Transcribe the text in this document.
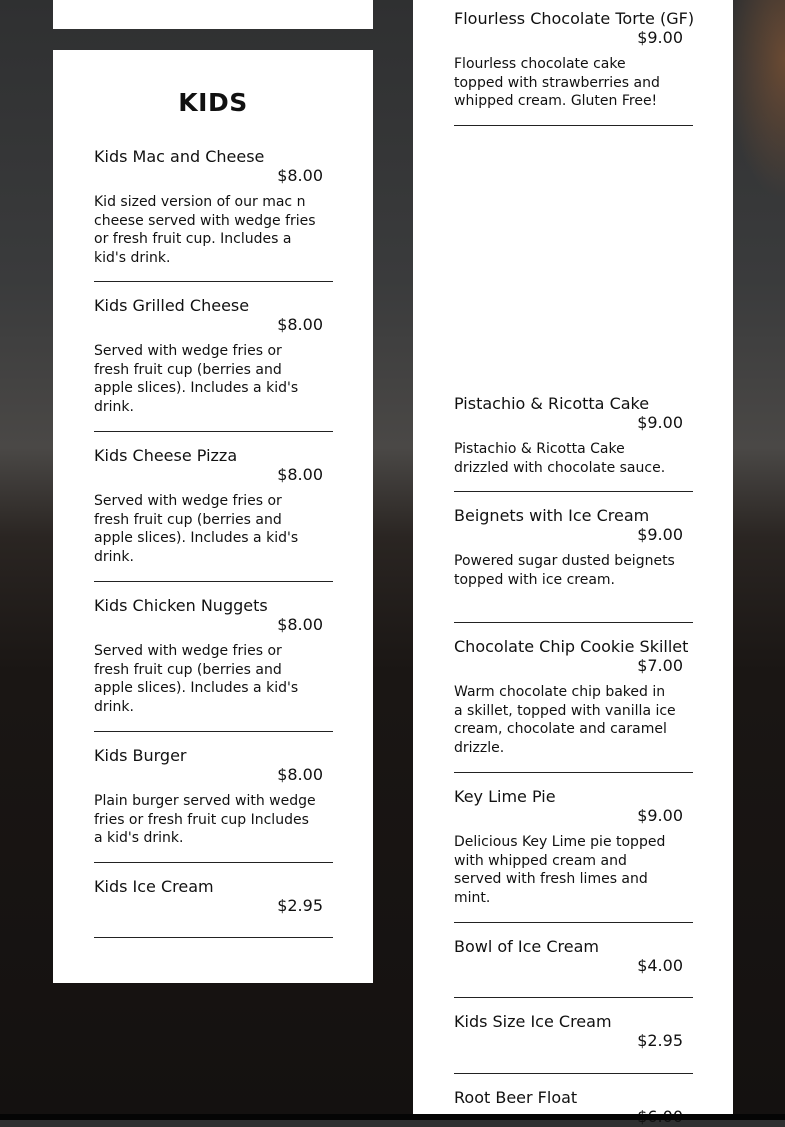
KIDS
Kids Mac and Cheese
$8.00
Kid sized version of our mac n cheese served with wedge fries or fresh fruit cup. Includes a kid's drink.
Kids Grilled Cheese
$8.00
Served with wedge fries or fresh fruit cup (berries and apple slices). Includes a kid's drink.
Kids Cheese Pizza
$8.00
Served with wedge fries or fresh fruit cup (berries and apple slices). Includes a kid's drink.
Kids Chicken Nuggets
$8.00
Served with wedge fries or fresh fruit cup (berries and apple slices). Includes a kid's drink.
Kids Burger
$8.00
Plain burger served with wedge fries or fresh fruit cup Includes a kid's drink.
Kids Ice Cream
$2.95
Flourless Chocolate Torte (GF)
$9.00
Flourless chocolate cake topped with strawberries and whipped cream. Gluten Free!
Pistachio & Ricotta Cake
$9.00
Pistachio & Ricotta Cake drizzled with chocolate sauce.
Beignets with Ice Cream
$9.00
Powered sugar dusted beignets topped with ice cream.
Chocolate Chip Cookie Skillet
$7.00
Warm chocolate chip baked in a skillet, topped with vanilla ice cream, chocolate and caramel drizzle.
Key Lime Pie
$9.00
Delicious Key Lime pie topped with whipped cream and served with fresh limes and mint.
Bowl of Ice Cream
$4.00
Kids Size Ice Cream
$2.95
Root Beer Float
